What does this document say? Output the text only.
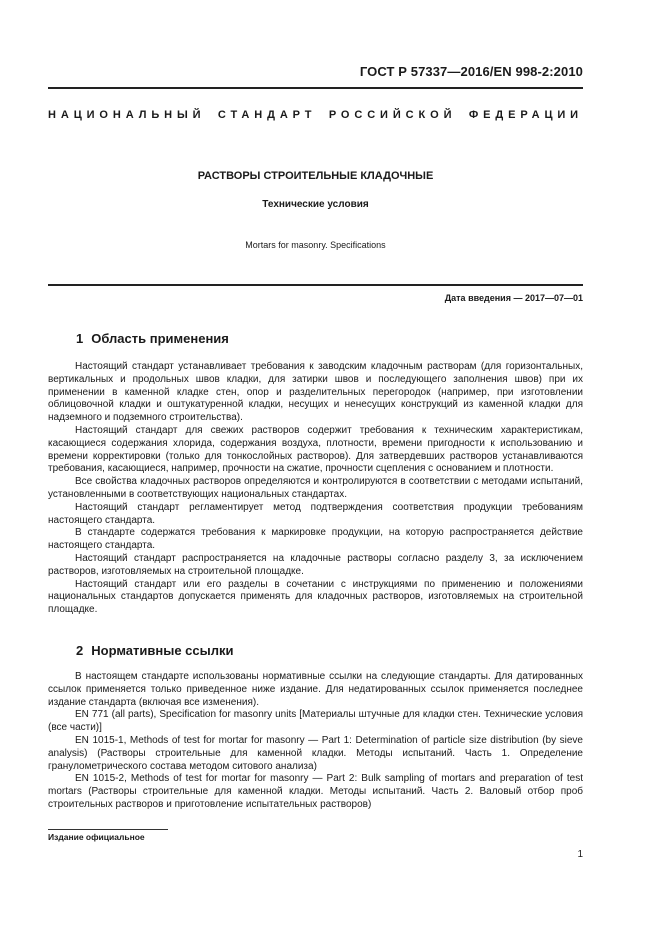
ГОСТ Р 57337—2016/EN 998-2:2010
НАЦИОНАЛЬНЫЙ СТАНДАРТ РОССИЙСКОЙ ФЕДЕРАЦИИ
РАСТВОРЫ СТРОИТЕЛЬНЫЕ КЛАДОЧНЫЕ
Технические условия
Mortars for masonry. Specifications
Дата введения — 2017—07—01
1 Область применения

Настоящий стандарт устанавливает требования к заводским кладочным растворам (для горизонтальных, вертикальных и продольных швов кладки, для затирки швов и последующего заполнения швов) при их применении в каменной кладке стен, опор и разделительных перегородок (например, при изготовлении облицовочной кладки и оштукатуренной кладки, несущих и ненесущих конструкций из каменной кладки для надземного и подземного строительства).

Настоящий стандарт для свежих растворов содержит требования к техническим характеристикам, касающиеся содержания хлорида, содержания воздуха, плотности, времени пригодности к использованию и времени корректировки (только для тонкослойных растворов). Для затвердевших растворов устанавливаются требования, касающиеся, например, прочности на сжатие, прочности сцепления с основанием и плотности.

Все свойства кладочных растворов определяются и контролируются в соответствии с методами испытаний, установленными в соответствующих национальных стандартах.

Настоящий стандарт регламентирует метод подтверждения соответствия продукции требованиям настоящего стандарта.

В стандарте содержатся требования к маркировке продукции, на которую распространяется действие настоящего стандарта.

Настоящий стандарт распространяется на кладочные растворы согласно разделу 3, за исключением растворов, изготовляемых на строительной площадке.

Настоящий стандарт или его разделы в сочетании с инструкциями по применению и положениями национальных стандартов допускается применять для кладочных растворов, изготовляемых на строительной площадке.

2 Нормативные ссылки

В настоящем стандарте использованы нормативные ссылки на следующие стандарты. Для датированных ссылок применяется только приведенное ниже издание. Для недатированных ссылок применяется последнее издание стандарта (включая все изменения).

EN 771 (all parts), Specification for masonry units [Материалы штучные для кладки стен. Технические условия (все части)]

EN 1015-1, Methods of test for mortar for masonry — Part 1: Determination of particle size distribution (by sieve analysis) (Растворы строительные для каменной кладки. Методы испытаний. Часть 1. Определение гранулометрического состава методом ситового анализа)

EN 1015-2, Methods of test for mortar for masonry — Part 2: Bulk sampling of mortars and preparation of test mortars (Растворы строительные для каменной кладки. Методы испытаний. Часть 2. Валовый отбор проб строительных растворов и приготовление испытательных растворов)

Издание официальное
1
